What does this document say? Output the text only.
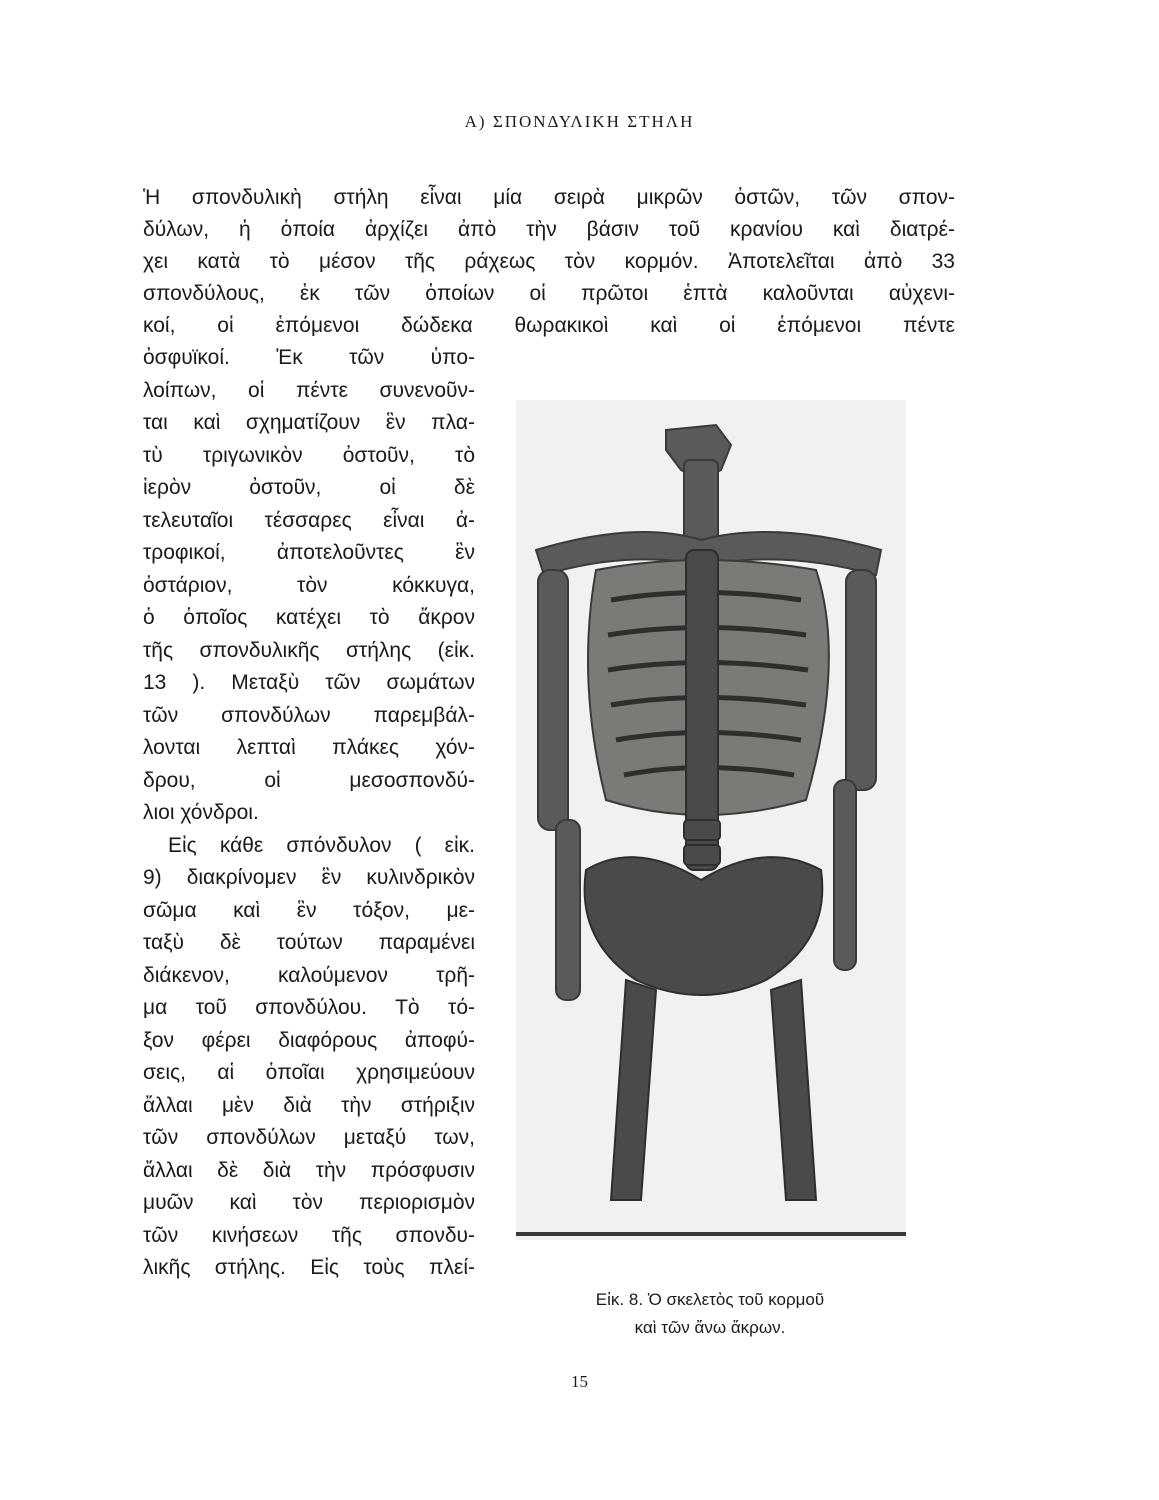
Α) ΣΠΟΝΔΥΛΙΚΗ ΣΤΗΛΗ
Ἡ σπονδυλικὴ στήλη εἶναι μία σειρὰ μικρῶν ὀστῶν, τῶν σπον-
δύλων, ἡ ὁποία ἀρχίζει ἀπὸ τὴν βάσιν τοῦ κρανίου καὶ διατρέ-
χει κατὰ τὸ μέσον τῆς ράχεως τὸν κορμόν. Ἀποτελεῖται ἀπὸ 33
σπονδύλους, ἐκ τῶν ὁποίων οἱ πρῶτοι ἑπτὰ καλοῦνται αὐχενι-
κοί, οἱ ἑπόμενοι δώδεκα θωρακικοὶ καὶ οἱ ἑπόμενοι πέντε
ὀσφυϊκοί. Ἐκ τῶν ὑπο-
λοίπων, οἱ πέντε συνενοῦν-
ται καὶ σχηματίζουν ἓν πλα-
τὺ τριγωνικὸν ὀστοῦν, τὸ
ἱερὸν ὀστοῦν, οἱ δὲ
τελευταῖοι τέσσαρες εἶναι ἀ-
τροφικοί, ἀποτελοῦντες ἓν
ὀστάριον, τὸν κόκκυγα,
ὁ ὁποῖος κατέχει τὸ ἄκρον
τῆς σπονδυλικῆς στήλης (εἰκ.
13 ). Μεταξὺ τῶν σωμάτων
τῶν σπονδύλων παρεμβάλ-
λονται λεπταὶ πλάκες χόν-
δρου, οἱ μεσοσπονδύ-
λιοι χόνδροι.
Εἰς κάθε σπόνδυλον ( εἰκ.
9) διακρίνομεν ἓν κυλινδρικὸν
σῶμα καὶ ἓν τόξον, με-
ταξὺ δὲ τούτων παραμένει
διάκενον, καλούμενον τρῆ-
μα τοῦ σπονδύλου. Τὸ τό-
ξον φέρει διαφόρους ἀποφύ-
σεις, αἱ ὁποῖαι χρησιμεύουν
ἄλλαι μὲν διὰ τὴν στήριξιν
τῶν σπονδύλων μεταξύ των,
ἄλλαι δὲ διὰ τὴν πρόσφυσιν
μυῶν καὶ τὸν περιορισμὸν
τῶν κινήσεων τῆς σπονδυ-
λικῆς στήλης. Εἰς τοὺς πλεί-
Εἰκ. 8. Ὁ σκελετὸς τοῦ κορμοῦ
καὶ τῶν ἄνω ἄκρων.
15
